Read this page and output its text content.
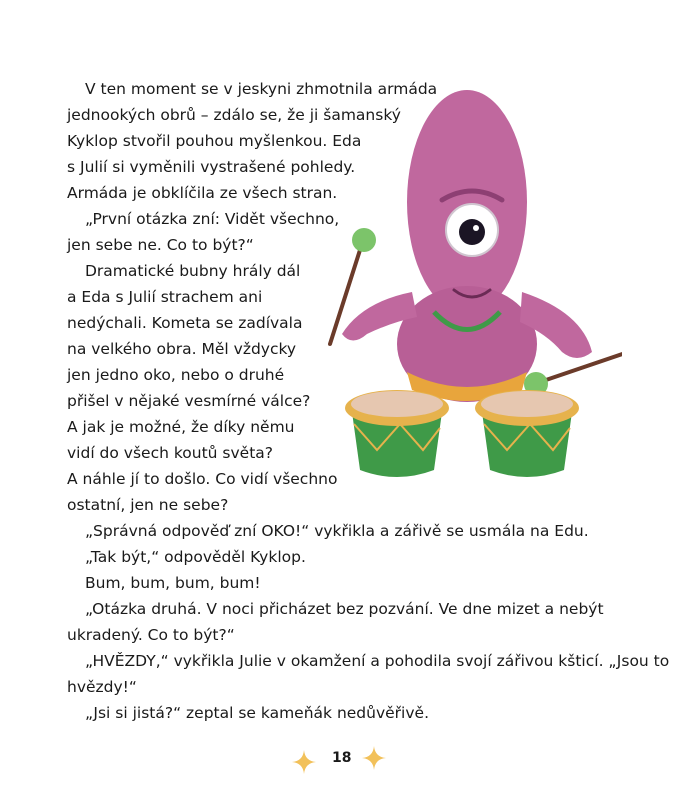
V ten moment se v jeskyni zhmotnila armáda
jednookých obrů – zdálo se, že ji šamanský
Kyklop stvořil pouhou myšlenkou. Eda
s Julií si vyměnili vystrašené pohledy.
Armáda je obklíčila ze všech stran.
„První otázka zní: Vidět všechno,
jen sebe ne. Co to být?“
Dramatické bubny hrály dál
a Eda s Julií strachem ani
nedýchali. Kometa se zadívala
na velkého obra. Měl vždycky
jen jedno oko, nebo o druhé
přišel v nějaké vesmírné válce?
A jak je možné, že díky němu
vidí do všech koutů světa?
A náhle jí to došlo. Co vidí všechno
ostatní, jen ne sebe?
„Správná odpověď zní OKO!“ vykřikla a zářivě se usmála na Edu.
„Tak být,“ odpověděl Kyklop.
Bum, bum, bum, bum!
„Otázka druhá. V noci přicházet bez pozvání. Ve dne mizet a nebýt
ukradený. Co to být?“
„HVĚZDY,“ vykřikla Julie v okamžení a pohodila svojí zářivou kšticí. „Jsou to
hvězdy!“
„Jsi si jistá?“ zeptal se kameňák nedůvěřivě.
18
